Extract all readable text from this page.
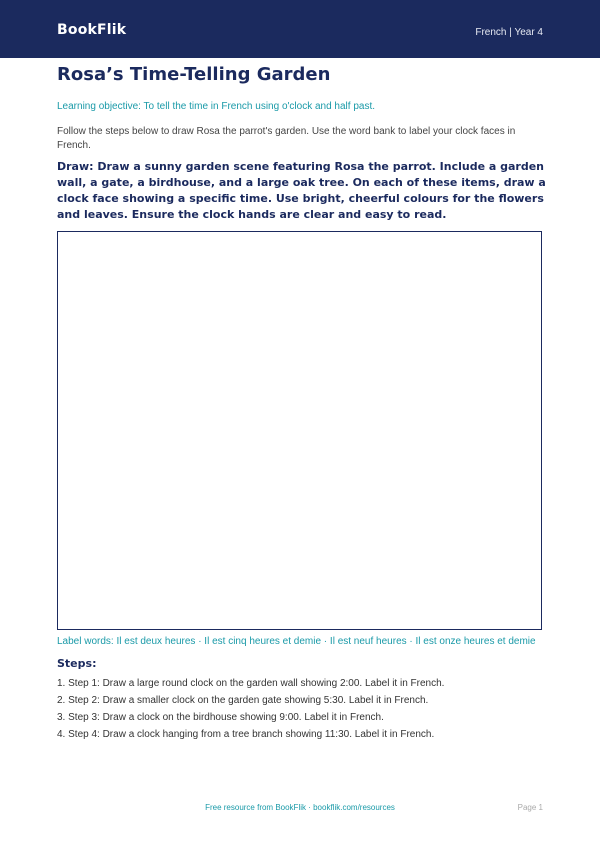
BookFlik	French | Year 4
Rosa’s Time-Telling Garden
Learning objective: To tell the time in French using o'clock and half past.
Follow the steps below to draw Rosa the parrot's garden. Use the word bank to label your clock faces in French.
Draw: Draw a sunny garden scene featuring Rosa the parrot. Include a garden wall, a gate, a birdhouse, and a large oak tree. On each of these items, draw a clock face showing a specific time. Use bright, cheerful colours for the flowers and leaves. Ensure the clock hands are clear and easy to read.
Label words: Il est deux heures · Il est cinq heures et demie · Il est neuf heures · Il est onze heures et demie
Steps:
1. Step 1: Draw a large round clock on the garden wall showing 2:00. Label it in French.
2. Step 2: Draw a smaller clock on the garden gate showing 5:30. Label it in French.
3. Step 3: Draw a clock on the birdhouse showing 9:00. Label it in French.
4. Step 4: Draw a clock hanging from a tree branch showing 11:30. Label it in French.
Free resource from BookFlik · bookflik.com/resources	Page 1
